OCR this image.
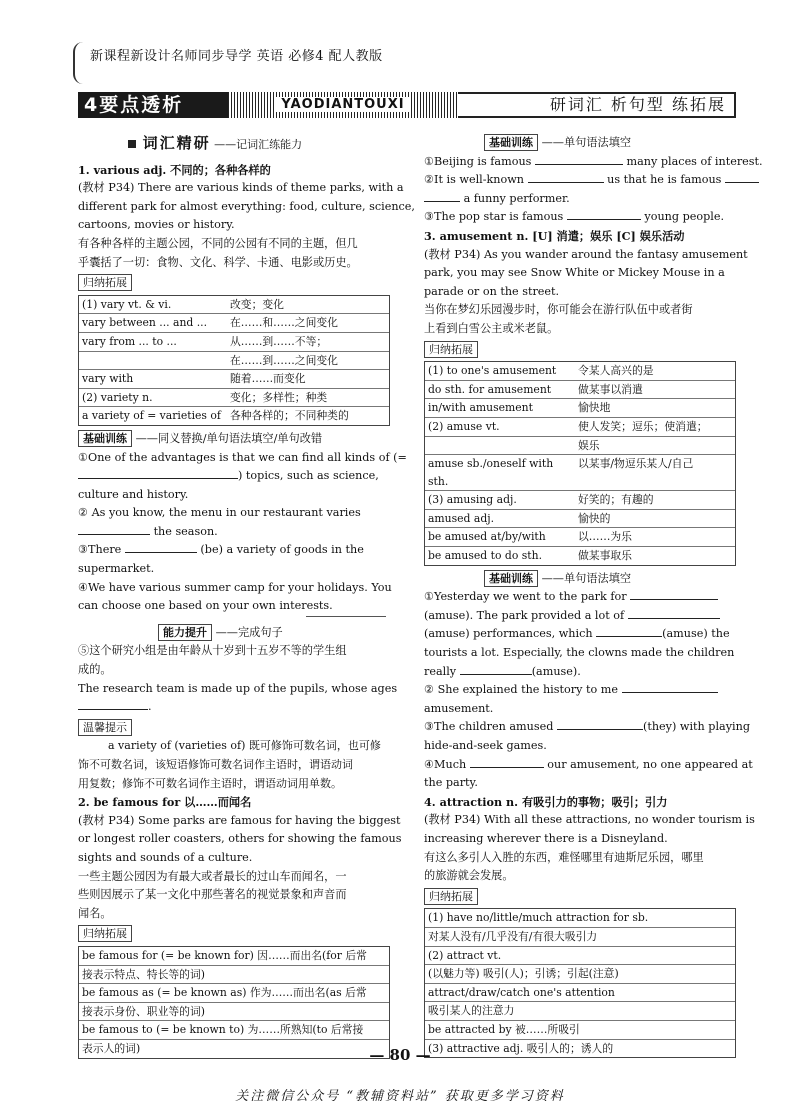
新课程新设计名师同步导学 英语 必修4 配人教版
4要点透析	YAODIANTOUXI	研词汇 析句型 练拓展
词汇精研 ——记词汇练能力
1. various adj. 不同的；各种各样的
(教材 P34) There are various kinds of theme parks, with a
different park for almost everything: food, culture, science,
cartoons, movies or history.
有各种各样的主题公园，不同的公园有不同的主题，但几
乎囊括了一切：食物、文化、科学、卡通、电影或历史。
归纳拓展
(1) vary vt. & vi.	改变；变化
vary between ... and ...	在……和……之间变化
vary from ... to ...	从……到……不等；
	在……到……之间变化
vary with	随着……而变化
(2) variety n.	变化；多样性；种类
a variety of = varieties of	各种各样的；不同种类的
基础训练 ——同义替换/单句语法填空/单句改错
①One of the advantages is that we can find all kinds of (=
) topics, such as science,
culture and history.
② As you know, the menu in our restaurant varies
the season.
③There	(be) a variety of goods in the
supermarket.
④We have various summer camp for your holidays. You
can choose one based on your own interests.
能力提升 ——完成句子
⑤这个研究小组是由年龄从十岁到十五岁不等的学生组
成的。
The research team is made up of the pupils, whose ages
.
温馨提示
a variety of (varieties of) 既可修饰可数名词，也可修
饰不可数名词，该短语修饰可数名词作主语时，谓语动词
用复数；修饰不可数名词作主语时，谓语动词用单数。
2. be famous for 以……而闻名
(教材 P34) Some parks are famous for having the biggest
or longest roller coasters, others for showing the famous
sights and sounds of a culture.
一些主题公园因为有最大或者最长的过山车而闻名，一
些则因展示了某一文化中那些著名的视觉景象和声音而
闻名。
归纳拓展
be famous for (= be known for) 因……而出名(for 后常
接表示特点、特长等的词)
be famous as (= be known as) 作为……而出名(as 后常
接表示身份、职业等的词)
be famous to (= be known to) 为……所熟知(to 后常接
表示人的词)
基础训练 ——单句语法填空
①Beijing is famous	many places of interest.
②It is well-known	us that he is famous
a funny performer.
③The pop star is famous	young people.
3. amusement n. [U] 消遣；娱乐 [C] 娱乐活动
(教材 P34) As you wander around the fantasy amusement
park, you may see Snow White or Mickey Mouse in a
parade or on the street.
当你在梦幻乐园漫步时，你可能会在游行队伍中或者街
上看到白雪公主或米老鼠。
归纳拓展
(1) to one's amusement	令某人高兴的是
do sth. for amusement	做某事以消遣
in/with amusement	愉快地
(2) amuse vt.	使人发笑；逗乐；使消遣；
	娱乐
amuse sb./oneself with sth.	以某事/物逗乐某人/自己
(3) amusing adj.	好笑的；有趣的
amused adj.	愉快的
be amused at/by/with	以……为乐
be amused to do sth.	做某事取乐
基础训练 ——单句语法填空
①Yesterday we went to the park for
(amuse). The park provided a lot of
(amuse) performances, which	(amuse) the
tourists a lot. Especially, the clowns made the children
really	(amuse).
② She explained the history to me
amusement.
③The children amused	(they) with playing
hide-and-seek games.
④Much	our amusement, no one appeared at
the party.
4. attraction n. 有吸引力的事物；吸引；引力
(教材 P34) With all these attractions, no wonder tourism is
increasing wherever there is a Disneyland.
有这么多引人入胜的东西，难怪哪里有迪斯尼乐园，哪里
的旅游就会发展。
归纳拓展
(1) have no/little/much attraction for sb.
对某人没有/几乎没有/有很大吸引力
(2) attract vt.
(以魅力等) 吸引(人)；引诱；引起(注意)
attract/draw/catch one's attention
吸引某人的注意力
be attracted by 被……所吸引
(3) attractive adj. 吸引人的；诱人的
— 80 —
关注微信公众号 “教辅资料站” 获取更多学习资料
